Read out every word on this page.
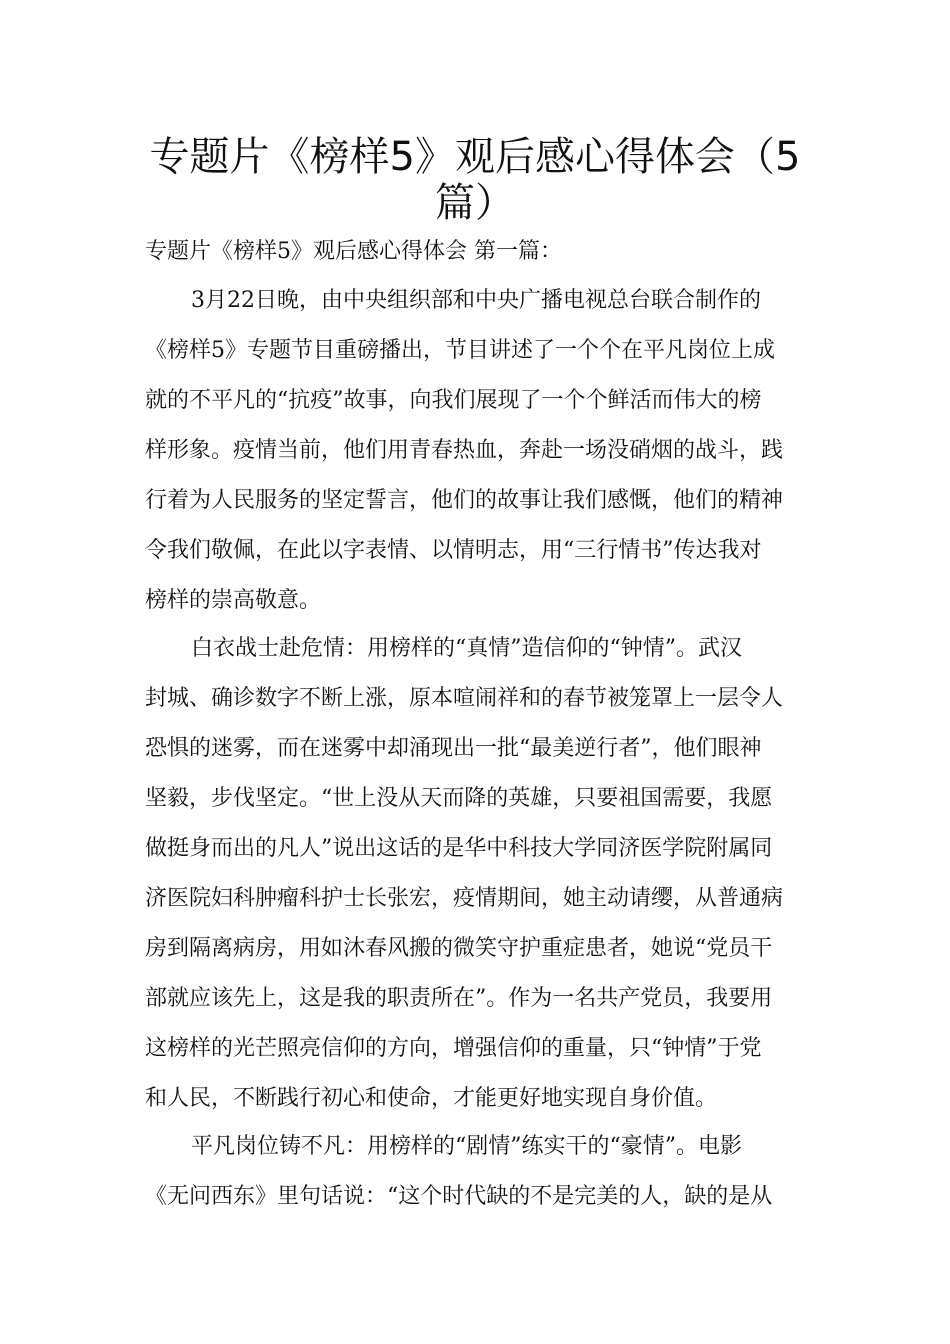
专题片《榜样5》观后感心得体会（5
篇）
专题片《榜样5》观后感心得体会 第一篇：
3月22日晚，由中央组织部和中央广播电视总台联合制作的
《榜样5》专题节目重磅播出，节目讲述了一个个在平凡岗位上成
就的不平凡的“抗疫”故事，向我们展现了一个个鲜活而伟大的榜
样形象。疫情当前，他们用青春热血，奔赴一场没硝烟的战斗，践
行着为人民服务的坚定誓言，他们的故事让我们感慨，他们的精神
令我们敬佩，在此以字表情、以情明志，用“三行情书”传达我对
榜样的崇高敬意。
白衣战士赴危情：用榜样的“真情”造信仰的“钟情”。武汉
封城、确诊数字不断上涨，原本喧闹祥和的春节被笼罩上一层令人
恐惧的迷雾，而在迷雾中却涌现出一批“最美逆行者”，他们眼神
坚毅，步伐坚定。“世上没从天而降的英雄，只要祖国需要，我愿
做挺身而出的凡人”说出这话的是华中科技大学同济医学院附属同
济医院妇科肿瘤科护士长张宏，疫情期间，她主动请缨，从普通病
房到隔离病房，用如沐春风搬的微笑守护重症患者，她说“党员干
部就应该先上，这是我的职责所在”。作为一名共产党员，我要用
这榜样的光芒照亮信仰的方向，增强信仰的重量，只“钟情”于党
和人民，不断践行初心和使命，才能更好地实现自身价值。
平凡岗位铸不凡：用榜样的“剧情”练实干的“豪情”。电影
《无问西东》里句话说：“这个时代缺的不是完美的人，缺的是从
